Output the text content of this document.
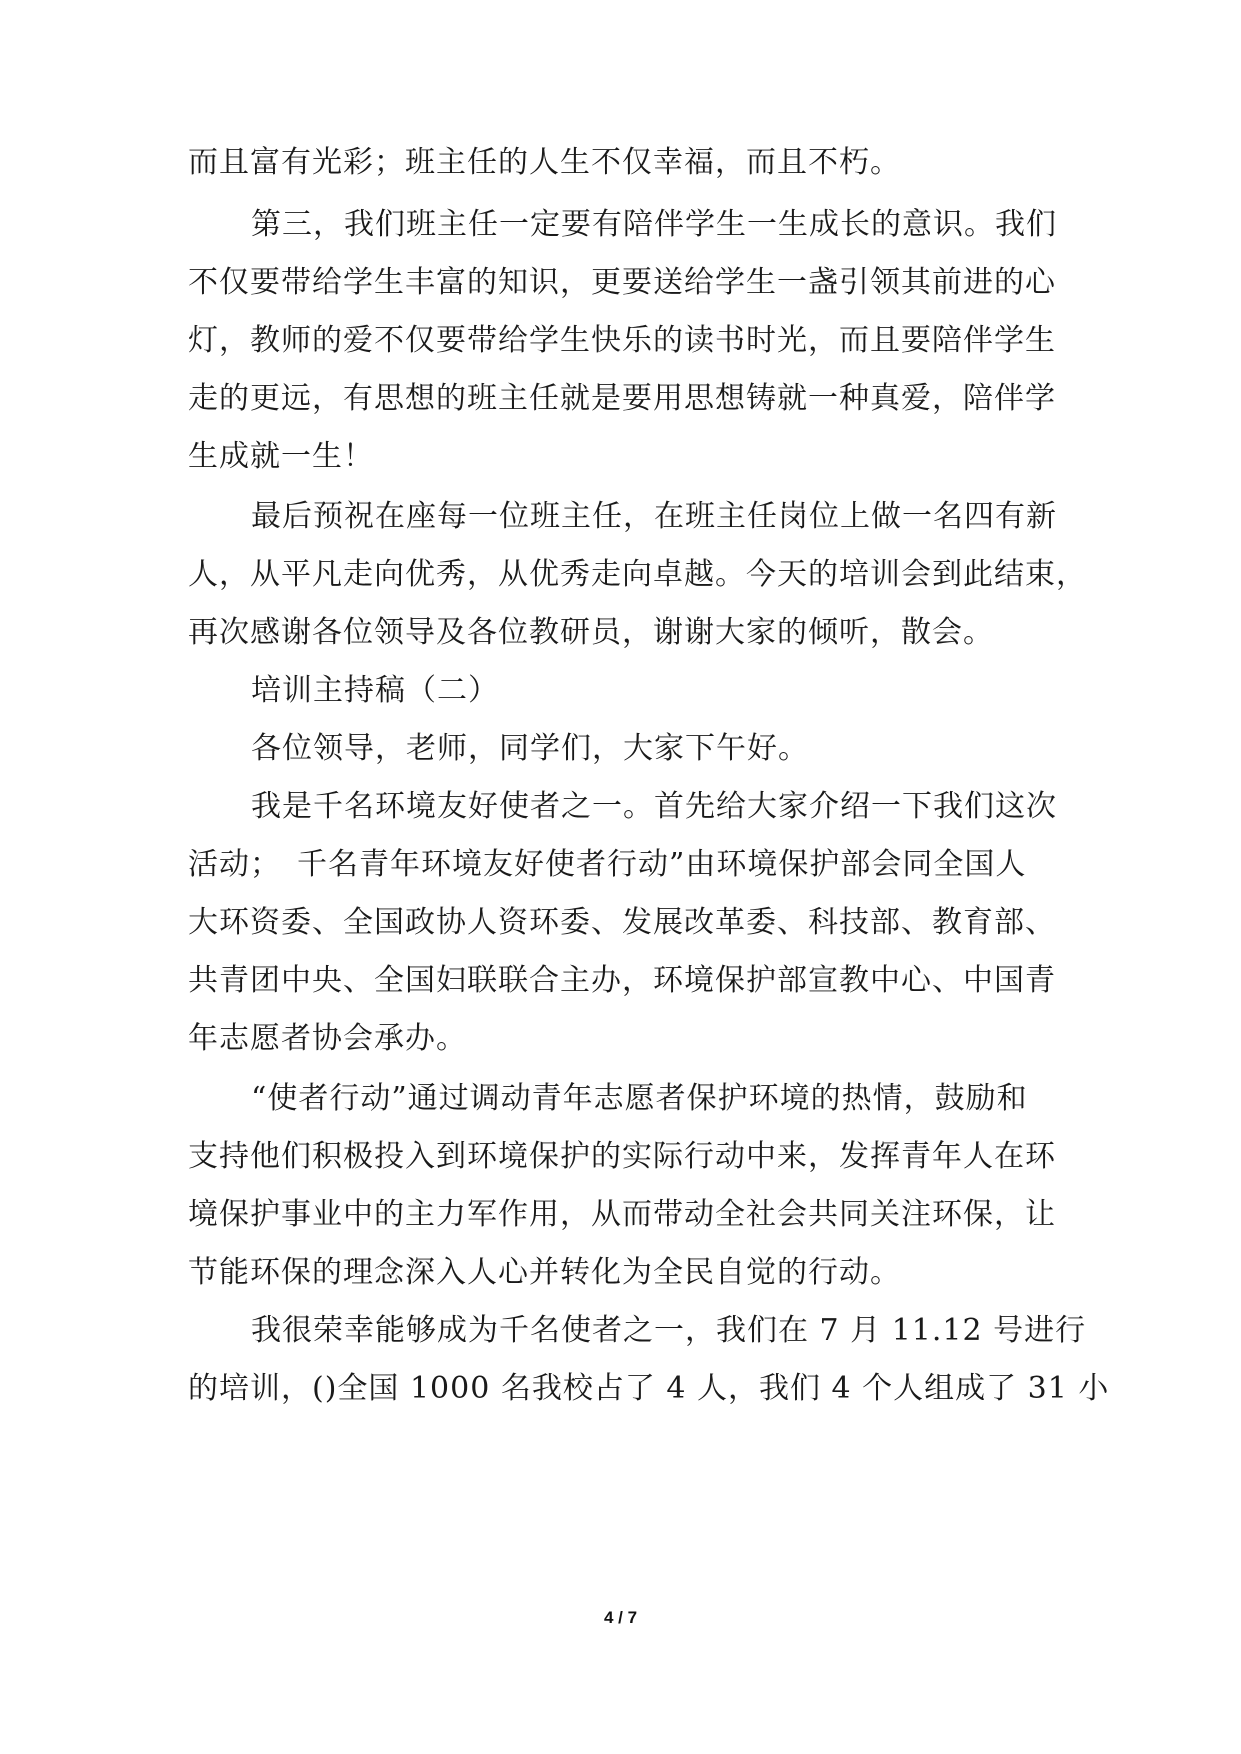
而且富有光彩；班主任的人生不仅幸福，而且不朽。
第三，我们班主任一定要有陪伴学生一生成长的意识。我们
不仅要带给学生丰富的知识，更要送给学生一盏引领其前进的心
灯，教师的爱不仅要带给学生快乐的读书时光，而且要陪伴学生
走的更远，有思想的班主任就是要用思想铸就一种真爱，陪伴学
生成就一生！
最后预祝在座每一位班主任，在班主任岗位上做一名四有新
人，从平凡走向优秀，从优秀走向卓越。今天的培训会到此结束，
再次感谢各位领导及各位教研员，谢谢大家的倾听，散会。
培训主持稿（二）
各位领导，老师，同学们，大家下午好。
我是千名环境友好使者之一。首先给大家介绍一下我们这次
活动；　千名青年环境友好使者行动”由环境保护部会同全国人
大环资委、全国政协人资环委、发展改革委、科技部、教育部、
共青团中央、全国妇联联合主办，环境保护部宣教中心、中国青
年志愿者协会承办。
“使者行动”通过调动青年志愿者保护环境的热情，鼓励和
支持他们积极投入到环境保护的实际行动中来，发挥青年人在环
境保护事业中的主力军作用，从而带动全社会共同关注环保，让
节能环保的理念深入人心并转化为全民自觉的行动。
我很荣幸能够成为千名使者之一，我们在 7 月 11.12 号进行
的培训，()全国 1000 名我校占了 4 人，我们 4 个人组成了 31 小
4 / 7
